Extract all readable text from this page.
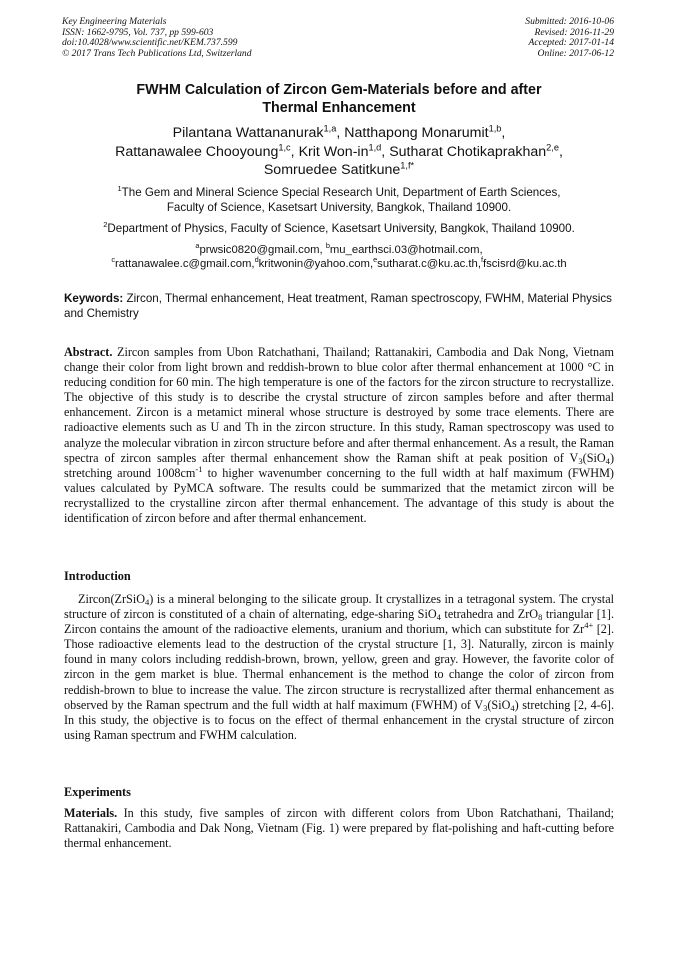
Key Engineering Materials
ISSN: 1662-9795, Vol. 737, pp 599-603
doi:10.4028/www.scientific.net/KEM.737.599
© 2017 Trans Tech Publications Ltd, Switzerland
Submitted: 2016-10-06
Revised: 2016-11-29
Accepted: 2017-01-14
Online: 2017-06-12
FWHM Calculation of Zircon Gem-Materials before and after
Thermal Enhancement
Pilantana Wattananurak$^{1,a}$, Natthapong Monarumit$^{1,b}$,
Rattanawalee Chooyoung$^{1,c}$, Krit Won-in$^{1,d}$, Sutharat Chotikaprakhan$^{2,e}$,
Somruedee Satitkune$^{1,f*}$
$^1$The Gem and Mineral Science Special Research Unit, Department of Earth Sciences,
Faculty of Science, Kasetsart University, Bangkok, Thailand 10900.
$^2$Department of Physics, Faculty of Science, Kasetsart University, Bangkok, Thailand 10900.
$^a$prwsic0820@gmail.com, $^b$mu_earthsci.03@hotmail.com,
$^c$rattanawalee.c@gmail.com,$^d$kritwonin@yahoo.com,$^e$sutharat.c@ku.ac.th,$^f$fscisrd@ku.ac.th
Keywords: Zircon, Thermal enhancement, Heat treatment, Raman spectroscopy, FWHM, Material Physics and Chemistry
Abstract. Zircon samples from Ubon Ratchathani, Thailand; Rattanakiri, Cambodia and Dak Nong, Vietnam change their color from light brown and reddish-brown to blue color after thermal enhancement at 1000 °C in reducing condition for 60 min. The high temperature is one of the factors for the zircon structure to recrystallize. The objective of this study is to describe the crystal structure of zircon samples before and after thermal enhancement. Zircon is a metamict mineral whose structure is destroyed by some trace elements. There are radioactive elements such as U and Th in the zircon structure. In this study, Raman spectroscopy was used to analyze the molecular vibration in zircon structure before and after thermal enhancement. As a result, the Raman spectra of zircon samples after thermal enhancement show the Raman shift at peak position of $V_3(SiO_4)$ stretching around $1008cm^{-1}$ to higher wavenumber concerning to the full width at half maximum (FWHM) values calculated by PyMCA software. The results could be summarized that the metamict zircon will be recrystallized to the crystalline zircon after thermal enhancement. The advantage of this study is about the identification of zircon before and after thermal enhancement.
Introduction
Zircon(ZrSiO$_4$) is a mineral belonging to the silicate group. It crystallizes in a tetragonal system. The crystal structure of zircon is constituted of a chain of alternating, edge-sharing SiO$_4$ tetrahedra and ZrO$_8$ triangular [1]. Zircon contains the amount of the radioactive elements, uranium and thorium, which can substitute for $Zr^{4+}$ [2]. Those radioactive elements lead to the destruction of the crystal structure [1, 3]. Naturally, zircon is mainly found in many colors including reddish-brown, brown, yellow, green and gray. However, the favorite color of zircon in the gem market is blue. Thermal enhancement is the method to change the color of zircon from reddish-brown to blue to increase the value. The zircon structure is recrystallized after thermal enhancement as observed by the Raman spectrum and the full width at half maximum (FWHM) of $V_3(SiO_4)$ stretching [2, 4-6]. In this study, the objective is to focus on the effect of thermal enhancement in the crystal structure of zircon using Raman spectrum and FWHM calculation.
Experiments
Materials. In this study, five samples of zircon with different colors from Ubon Ratchathani, Thailand; Rattanakiri, Cambodia and Dak Nong, Vietnam (Fig. 1) were prepared by flat-polishing and haft-cutting before thermal enhancement.
